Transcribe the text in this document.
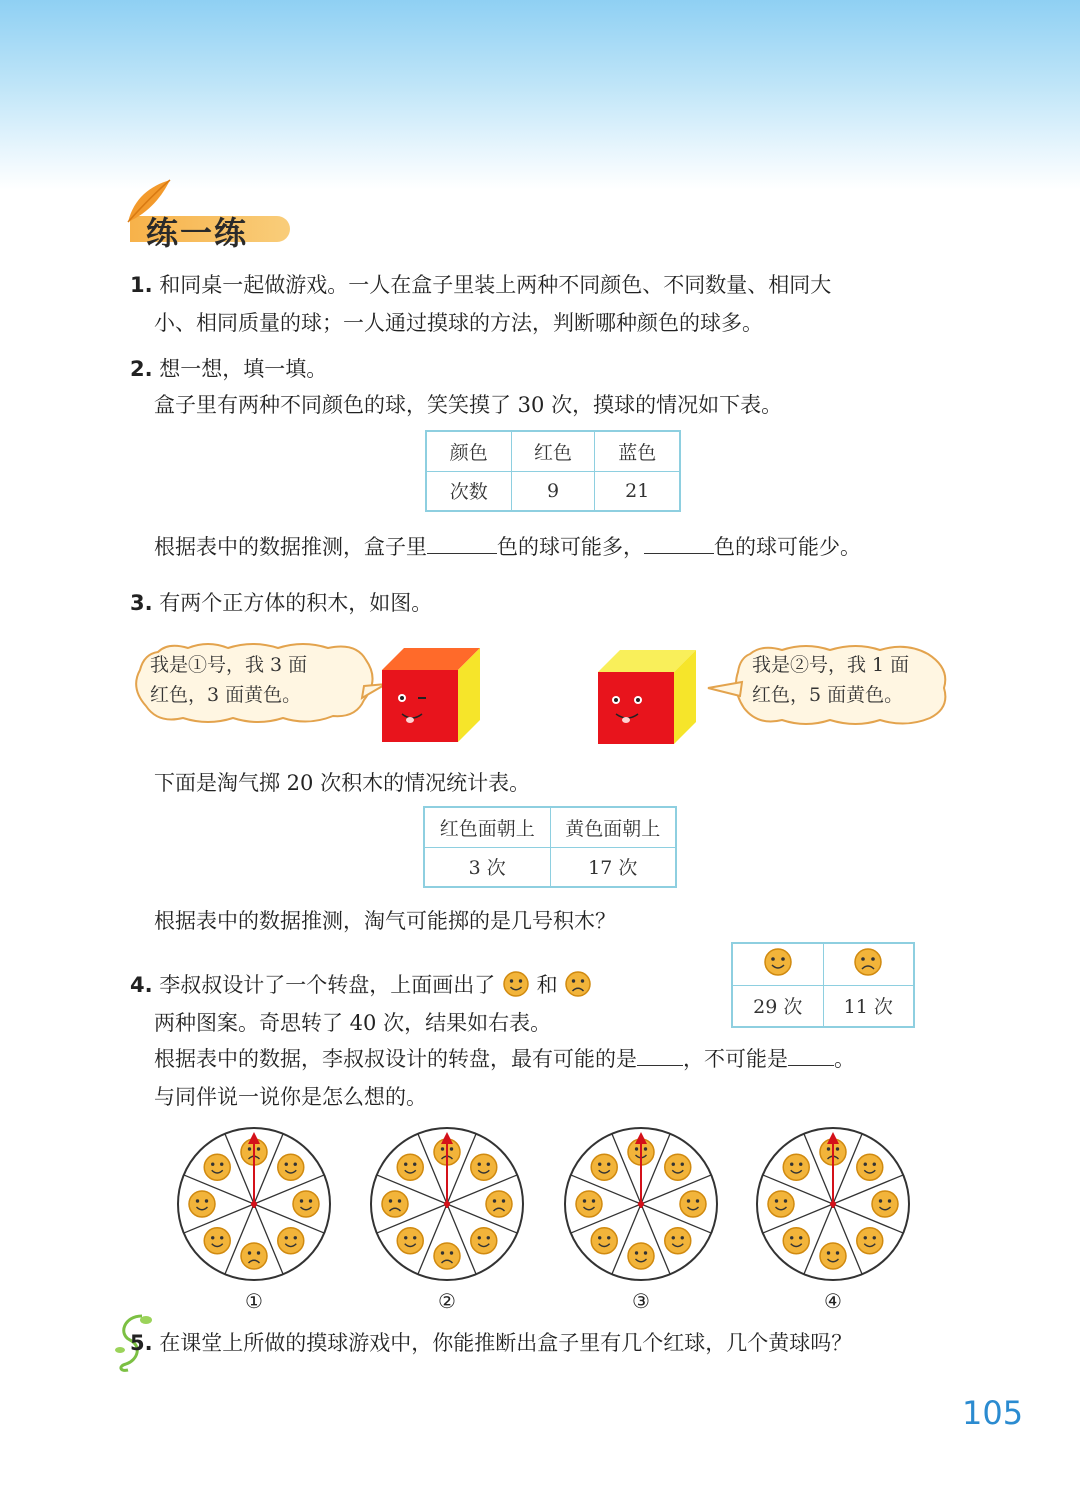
练一练
1. 和同桌一起做游戏。一人在盒子里装上两种不同颜色、不同数量、相同大
小、相同质量的球；一人通过摸球的方法，判断哪种颜色的球多。
2. 想一想，填一填。
盒子里有两种不同颜色的球，笑笑摸了 30 次，摸球的情况如下表。
颜色	红色	蓝色
次数	9	21
根据表中的数据推测，盒子里	色的球可能多，	色的球可能少。
3. 有两个正方体的积木，如图。
我是①号，我 3 面
红色，3 面黄色。
我是②号，我 1 面
红色，5 面黄色。
下面是淘气掷 20 次积木的情况统计表。
红色面朝上	黄色面朝上
3 次	17 次
根据表中的数据推测，淘气可能掷的是几号积木？

29 次	11 次
4. 李叔叔设计了一个转盘，上面画出了 和
两种图案。奇思转了 40 次，结果如右表。
根据表中的数据，李叔叔设计的转盘，最有可能的是 ，不可能是 。
与同伴说一说你是怎么想的。
①	②	③	④
5. 在课堂上所做的摸球游戏中，你能推断出盒子里有几个红球，几个黄球吗？
105
